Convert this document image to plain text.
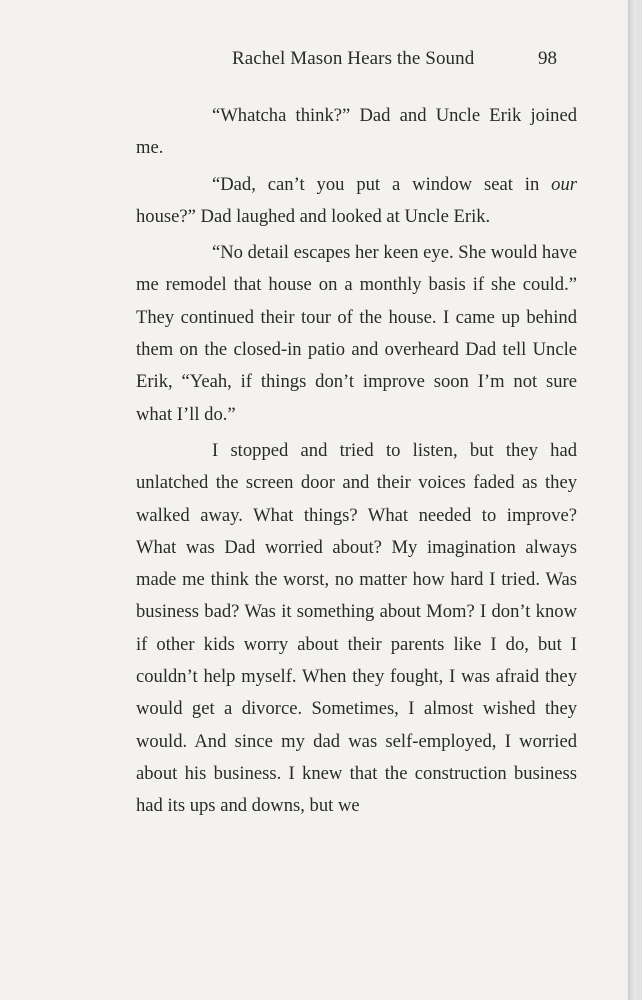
Rachel Mason Hears the Sound	98

“Whatcha think?” Dad and Uncle Erik joined me.

“Dad, can’t you put a window seat in our house?” Dad laughed and looked at Uncle Erik.

“No detail escapes her keen eye. She would have me remodel that house on a monthly basis if she could.” They continued their tour of the house. I came up behind them on the closed-in patio and overheard Dad tell Uncle Erik, “Yeah, if things don’t improve soon I’m not sure what I’ll do.”

I stopped and tried to listen, but they had unlatched the screen door and their voices faded as they walked away. What things? What needed to improve? What was Dad worried about? My imagination always made me think the worst, no matter how hard I tried. Was business bad? Was it something about Mom? I don’t know if other kids worry about their parents like I do, but I couldn’t help myself. When they fought, I was afraid they would get a divorce. Sometimes, I almost wished they would. And since my dad was self-employed, I worried about his business. I knew that the construction business had its ups and downs, but we
